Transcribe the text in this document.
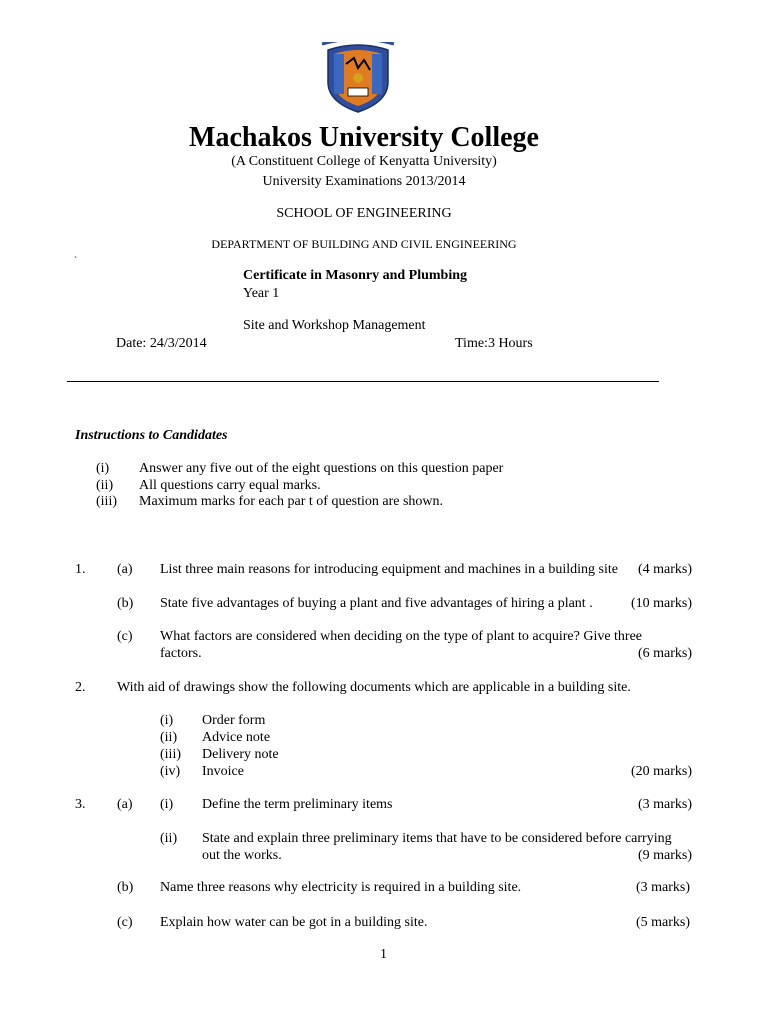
Machakos University College
(A Constituent College of Kenyatta University)
University Examinations 2013/2014
SCHOOL OF ENGINEERING
DEPARTMENT OF BUILDING AND CIVIL ENGINEERING
`
Certificate in Masonry and Plumbing
Year 1
Site and Workshop Management
Date: 24/3/2014	Time:3 Hours
Instructions to Candidates
(i) Answer any five out of the eight questions on this question paper
(ii) All questions carry equal marks.
(iii) Maximum marks for each par t of question are shown.
1. (a) List three main reasons for introducing equipment and machines in a building site	(4 marks)
(b) State five advantages of buying a plant and five advantages of hiring a plant .	(10 marks)
(c) What factors are considered when deciding on the type of plant to acquire? Give three
factors.	(6 marks)
2. With aid of drawings show the following documents which are applicable in a building site.
(i) Order form
(ii) Advice note
(iii) Delivery note
(iv) Invoice	(20 marks)
3. (a) (i) Define the term preliminary items	(3 marks)
(ii) State and explain three preliminary items that have to be considered before carrying
out the works.	(9 marks)
(b) Name three reasons why electricity is required in a building site.	(3 marks)
(c) Explain how water can be got in a building site.	(5 marks)
1
